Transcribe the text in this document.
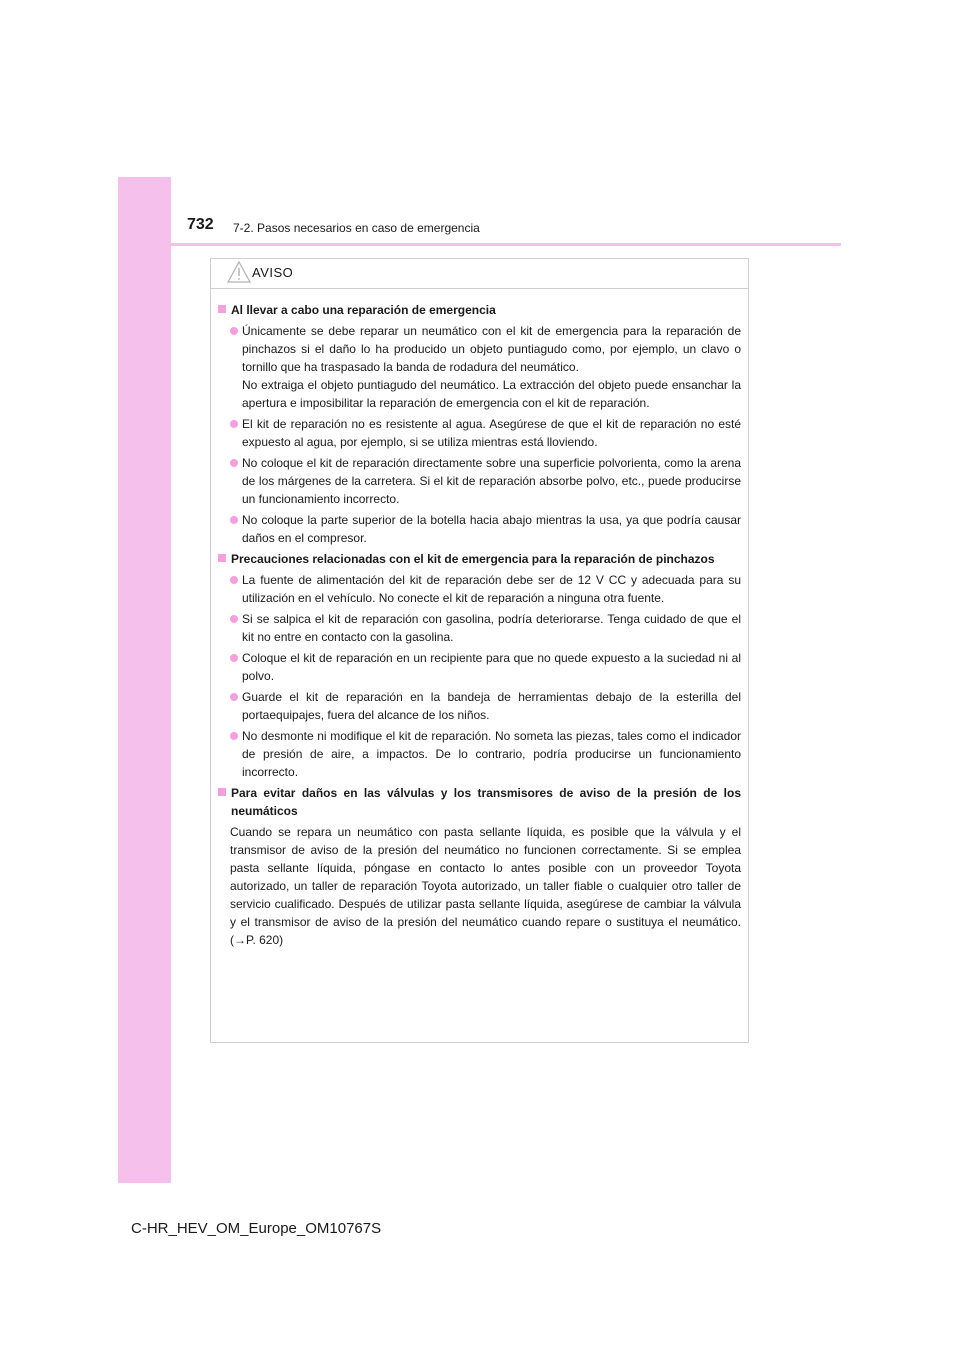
732 7-2. Pasos necesarios en caso de emergencia
AVISO
Al llevar a cabo una reparación de emergencia
Únicamente se debe reparar un neumático con el kit de emergencia para la reparación de pinchazos si el daño lo ha producido un objeto puntiagudo como, por ejemplo, un clavo o tornillo que ha traspasado la banda de rodadura del neumático.
No extraiga el objeto puntiagudo del neumático. La extracción del objeto puede ensanchar la apertura e imposibilitar la reparación de emergencia con el kit de reparación.
El kit de reparación no es resistente al agua. Asegúrese de que el kit de reparación no esté expuesto al agua, por ejemplo, si se utiliza mientras está lloviendo.
No coloque el kit de reparación directamente sobre una superficie polvorienta, como la arena de los márgenes de la carretera. Si el kit de reparación absorbe polvo, etc., puede producirse un funcionamiento incorrecto.
No coloque la parte superior de la botella hacia abajo mientras la usa, ya que podría causar daños en el compresor.
Precauciones relacionadas con el kit de emergencia para la reparación de pinchazos
La fuente de alimentación del kit de reparación debe ser de 12 V CC y adecuada para su utilización en el vehículo. No conecte el kit de reparación a ninguna otra fuente.
Si se salpica el kit de reparación con gasolina, podría deteriorarse. Tenga cuidado de que el kit no entre en contacto con la gasolina.
Coloque el kit de reparación en un recipiente para que no quede expuesto a la suciedad ni al polvo.
Guarde el kit de reparación en la bandeja de herramientas debajo de la esterilla del portaequipajes, fuera del alcance de los niños.
No desmonte ni modifique el kit de reparación. No someta las piezas, tales como el indicador de presión de aire, a impactos. De lo contrario, podría producirse un funcionamiento incorrecto.
Para evitar daños en las válvulas y los transmisores de aviso de la presión de los neumáticos
Cuando se repara un neumático con pasta sellante líquida, es posible que la válvula y el transmisor de aviso de la presión del neumático no funcionen correctamente. Si se emplea pasta sellante líquida, póngase en contacto lo antes posible con un proveedor Toyota autorizado, un taller de reparación Toyota autorizado, un taller fiable o cualquier otro taller de servicio cualificado. Después de utilizar pasta sellante líquida, asegúrese de cambiar la válvula y el transmisor de aviso de la presión del neumático cuando repare o sustituya el neumático. (→P. 620)
C-HR_HEV_OM_Europe_OM10767S
